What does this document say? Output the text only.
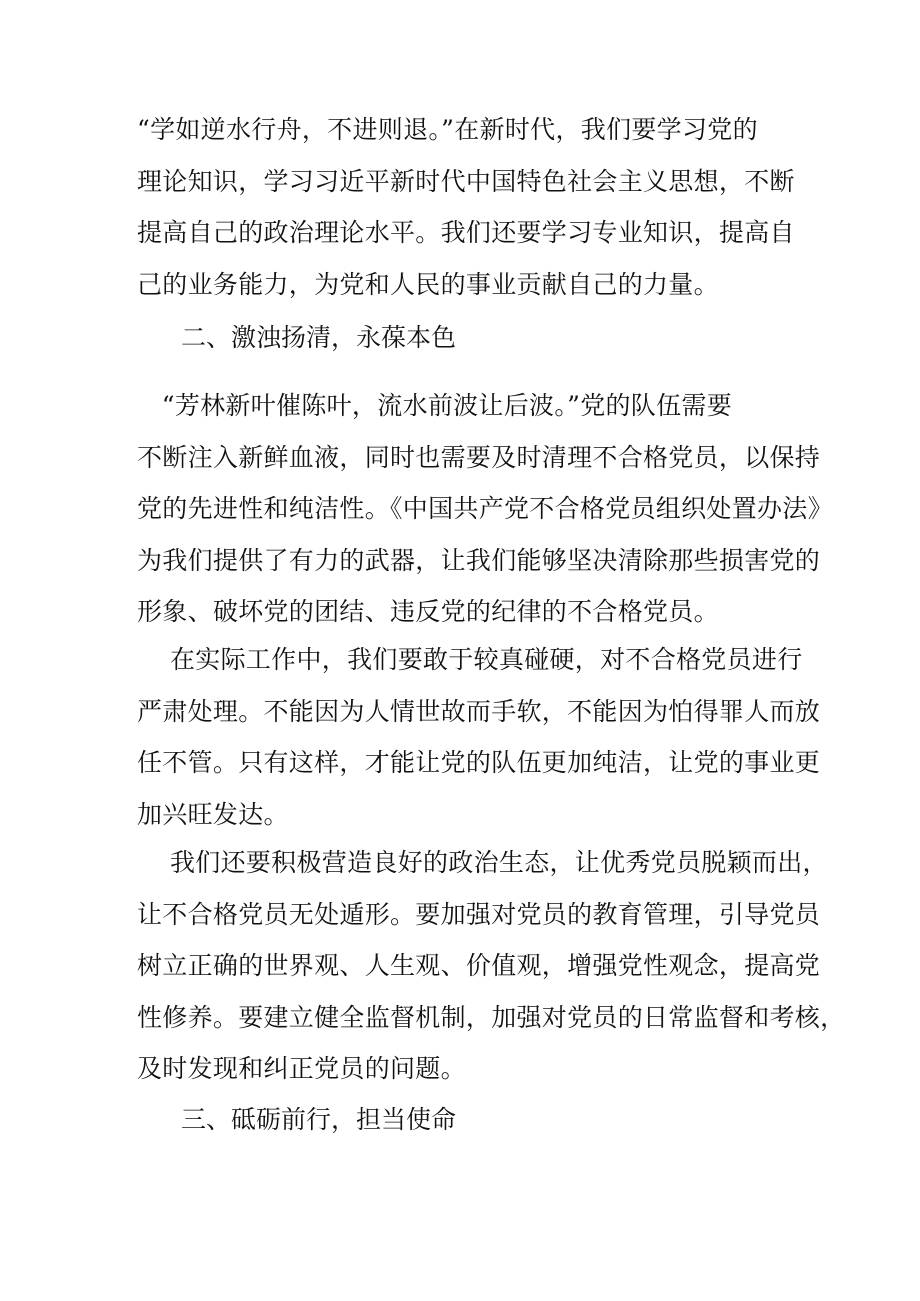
“学如逆水行舟，不进则退。”在新时代，我们要学习党的
理论知识，学习习近平新时代中国特色社会主义思想，不断
提高自己的政治理论水平。我们还要学习专业知识，提高自
己的业务能力，为党和人民的事业贡献自己的力量。
二、激浊扬清，永葆本色
“芳林新叶催陈叶，流水前波让后波。”党的队伍需要
不断注入新鲜血液，同时也需要及时清理不合格党员，以保持
党的先进性和纯洁性。《中国共产党不合格党员组织处置办法》
为我们提供了有力的武器，让我们能够坚决清除那些损害党的
形象、破坏党的团结、违反党的纪律的不合格党员。
在实际工作中，我们要敢于较真碰硬，对不合格党员进行
严肃处理。不能因为人情世故而手软，不能因为怕得罪人而放
任不管。只有这样，才能让党的队伍更加纯洁，让党的事业更
加兴旺发达。
我们还要积极营造良好的政治生态，让优秀党员脱颖而出，
让不合格党员无处遁形。要加强对党员的教育管理，引导党员
树立正确的世界观、人生观、价值观，增强党性观念，提高党
性修养。要建立健全监督机制，加强对党员的日常监督和考核，
及时发现和纠正党员的问题。
三、砥砺前行，担当使命
